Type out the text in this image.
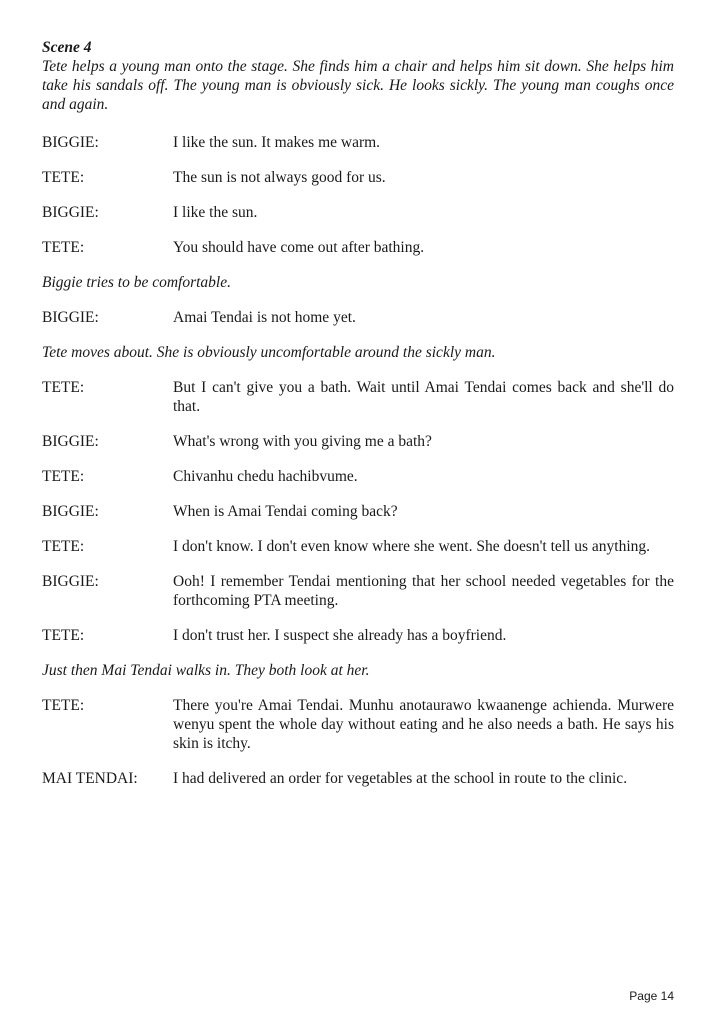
Scene 4
Tete helps a young man onto the stage. She finds him a chair and helps him sit down. She helps him take his sandals off. The young man is obviously sick. He looks sickly. The young man coughs once and again.
BIGGIE:	I like the sun. It makes me warm.
TETE:	The sun is not always good for us.
BIGGIE:	I like the sun.
TETE:	You should have come out after bathing.
Biggie tries to be comfortable.
BIGGIE:	Amai Tendai is not home yet.
Tete moves about. She is obviously uncomfortable around the sickly man.
TETE:	But I can't give you a bath. Wait until Amai Tendai comes back and she'll do that.
BIGGIE:	What's wrong with you giving me a bath?
TETE:	Chivanhu chedu hachibvume.
BIGGIE:	When is Amai Tendai coming back?
TETE:	I don't know. I don't even know where she went. She doesn't tell us anything.
BIGGIE:	Ooh! I remember Tendai mentioning that her school needed vegetables for the forthcoming PTA meeting.
TETE:	I don't trust her. I suspect she already has a boyfriend.
Just then Mai Tendai walks in. They both look at her.
TETE:	There you're Amai Tendai. Munhu anotaurawo kwaanenge achienda. Murwere wenyu spent the whole day without eating and he also needs a bath. He says his skin is itchy.
MAI TENDAI:	I had delivered an order for vegetables at the school in route to the clinic.
Page 14
